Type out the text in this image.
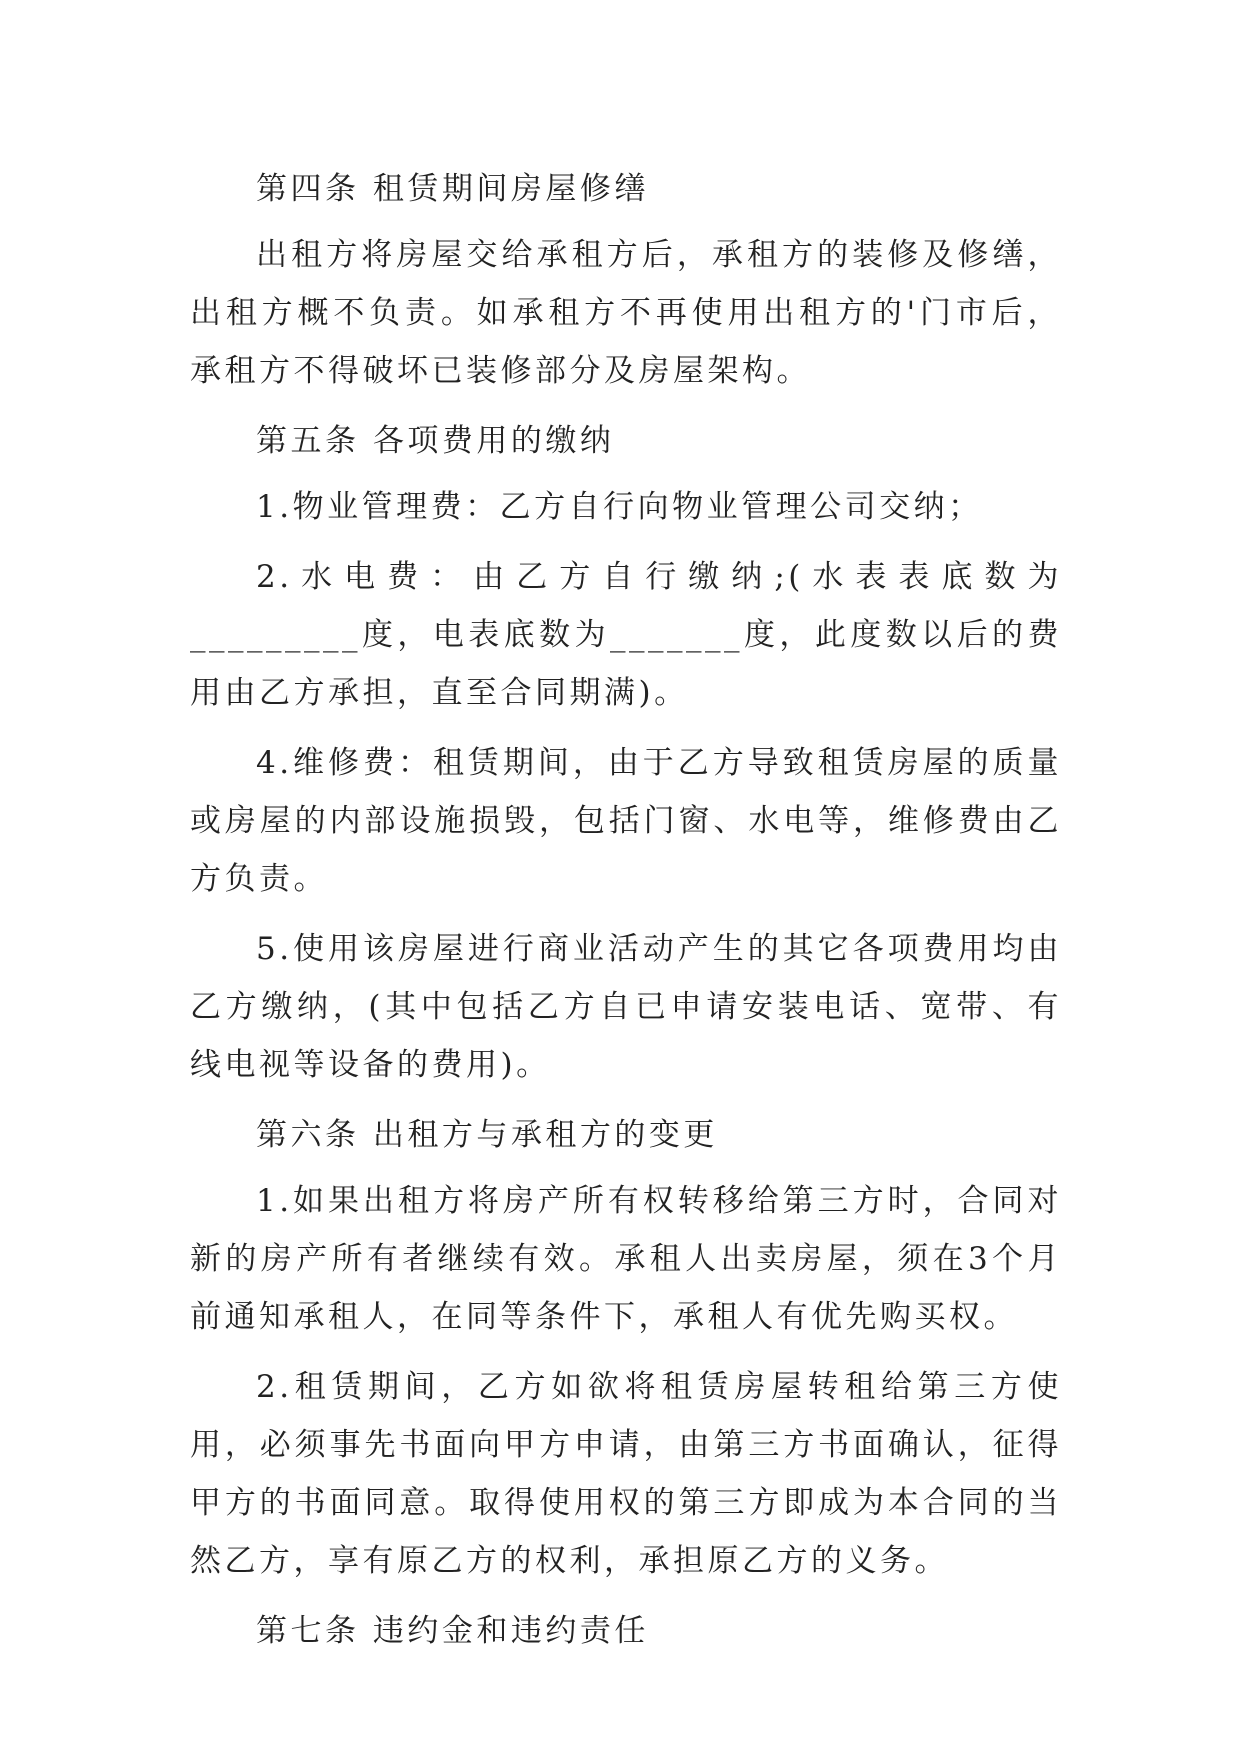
第四条 租赁期间房屋修缮

出租方将房屋交给承租方后，承租方的装修及修缮，出租方概不负责。如承租方不再使用出租方的'门市后，承租方不得破坏已装修部分及房屋架构。

第五条 各项费用的缴纳

1.物业管理费：乙方自行向物业管理公司交纳；

2.水电费：由乙方自行缴纳;(水表表底数为_________度，电表底数为_______度，此度数以后的费用由乙方承担，直至合同期满)。

4.维修费：租赁期间，由于乙方导致租赁房屋的质量或房屋的内部设施损毁，包括门窗、水电等，维修费由乙方负责。

5.使用该房屋进行商业活动产生的其它各项费用均由乙方缴纳，(其中包括乙方自已申请安装电话、宽带、有线电视等设备的费用)。

第六条 出租方与承租方的变更

1.如果出租方将房产所有权转移给第三方时，合同对新的房产所有者继续有效。承租人出卖房屋，须在3个月前通知承租人，在同等条件下，承租人有优先购买权。

2.租赁期间，乙方如欲将租赁房屋转租给第三方使用，必须事先书面向甲方申请，由第三方书面确认，征得甲方的书面同意。取得使用权的第三方即成为本合同的当然乙方，享有原乙方的权利，承担原乙方的义务。

第七条 违约金和违约责任
